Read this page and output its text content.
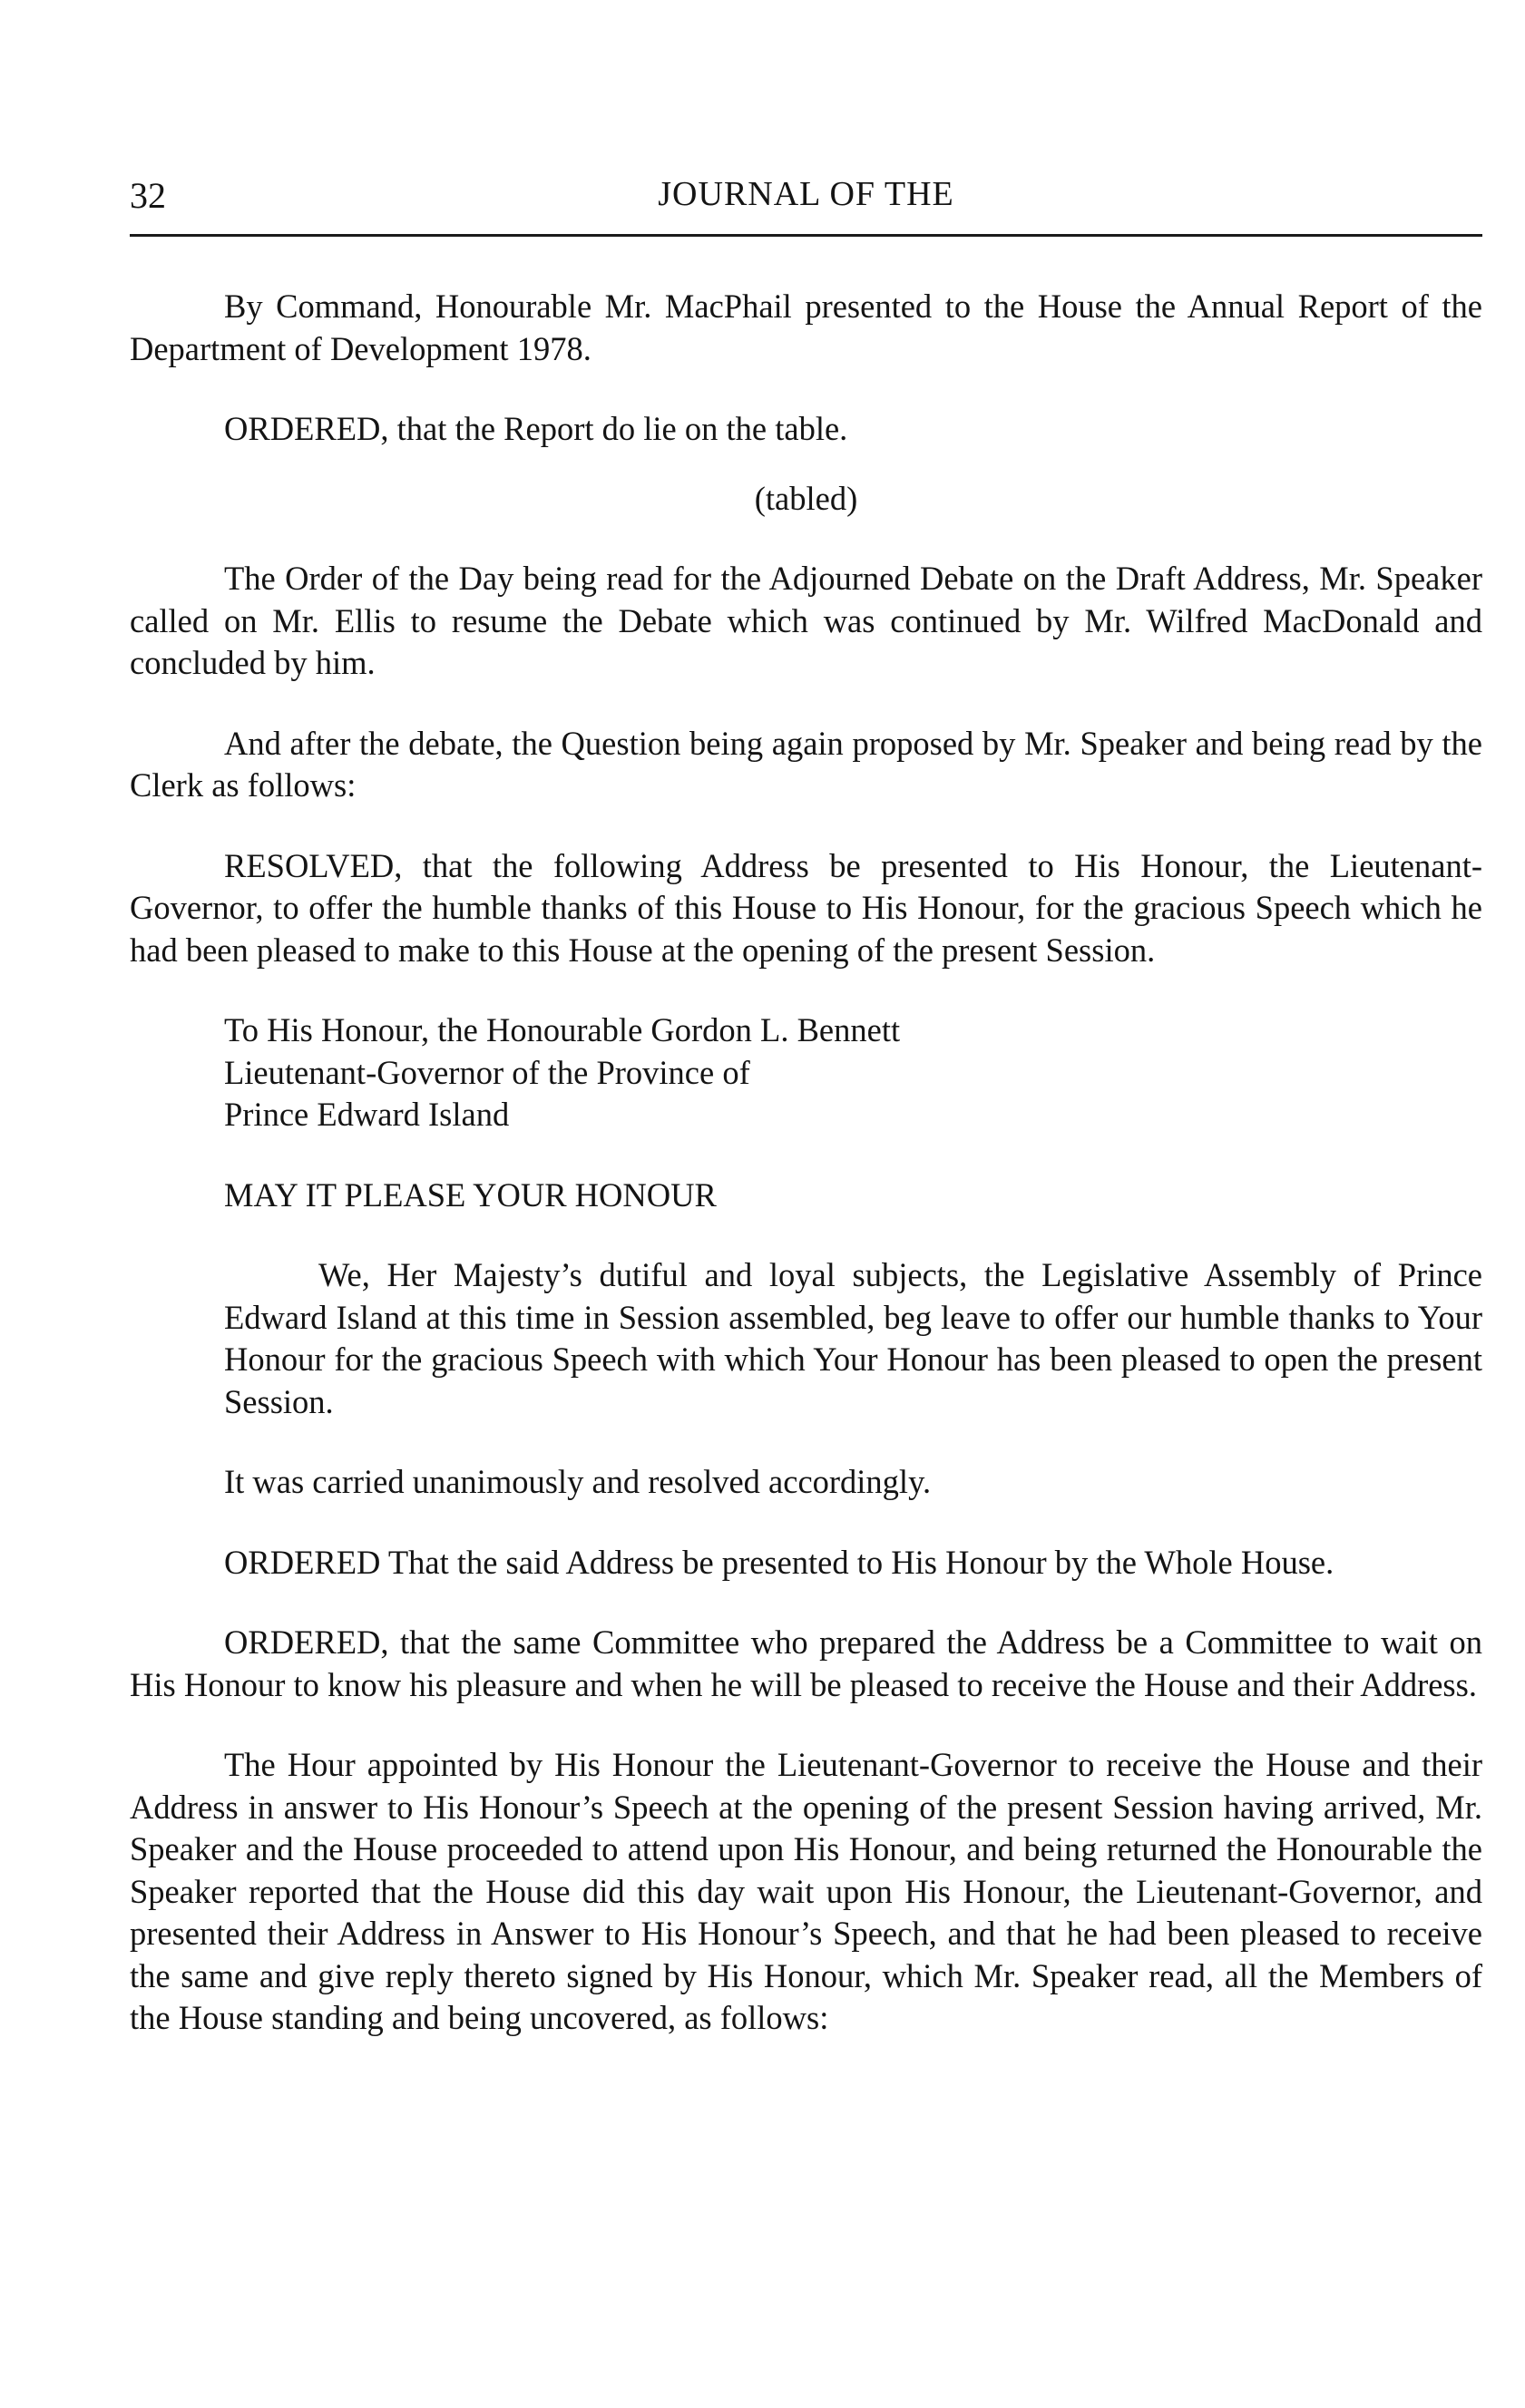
32	JOURNAL OF THE

By Command, Honourable Mr. MacPhail presented to the House the Annual Report of the Department of Development 1978.

ORDERED, that the Report do lie on the table.

(tabled)

The Order of the Day being read for the Adjourned Debate on the Draft Address, Mr. Speaker called on Mr. Ellis to resume the Debate which was continued by Mr. Wilfred MacDonald and concluded by him.

And after the debate, the Question being again proposed by Mr. Speaker and being read by the Clerk as follows:

RESOLVED, that the following Address be presented to His Honour, the Lieutenant-Governor, to offer the humble thanks of this House to His Honour, for the gracious Speech which he had been pleased to make to this House at the opening of the present Session.

To His Honour, the Honourable Gordon L. Bennett

Lieutenant-Governor of the Province of

Prince Edward Island

MAY IT PLEASE YOUR HONOUR

We, Her Majesty’s dutiful and loyal subjects, the Legislative Assembly of Prince Edward Island at this time in Session assembled, beg leave to offer our humble thanks to Your Honour for the gracious Speech with which Your Honour has been pleased to open the present Session.

It was carried unanimously and resolved accordingly.

ORDERED That the said Address be presented to His Honour by the Whole House.

ORDERED, that the same Committee who prepared the Address be a Committee to wait on His Honour to know his pleasure and when he will be pleased to receive the House and their Address.

The Hour appointed by His Honour the Lieutenant-Governor to receive the House and their Address in answer to His Honour’s Speech at the opening of the present Session having arrived, Mr. Speaker and the House proceeded to attend upon His Honour, and being returned the Honourable the Speaker reported that the House did this day wait upon His Honour, the Lieutenant-Governor, and presented their Address in Answer to His Honour’s Speech, and that he had been pleased to receive the same and give reply thereto signed by His Honour, which Mr. Speaker read, all the Members of the House standing and being uncovered, as follows:
